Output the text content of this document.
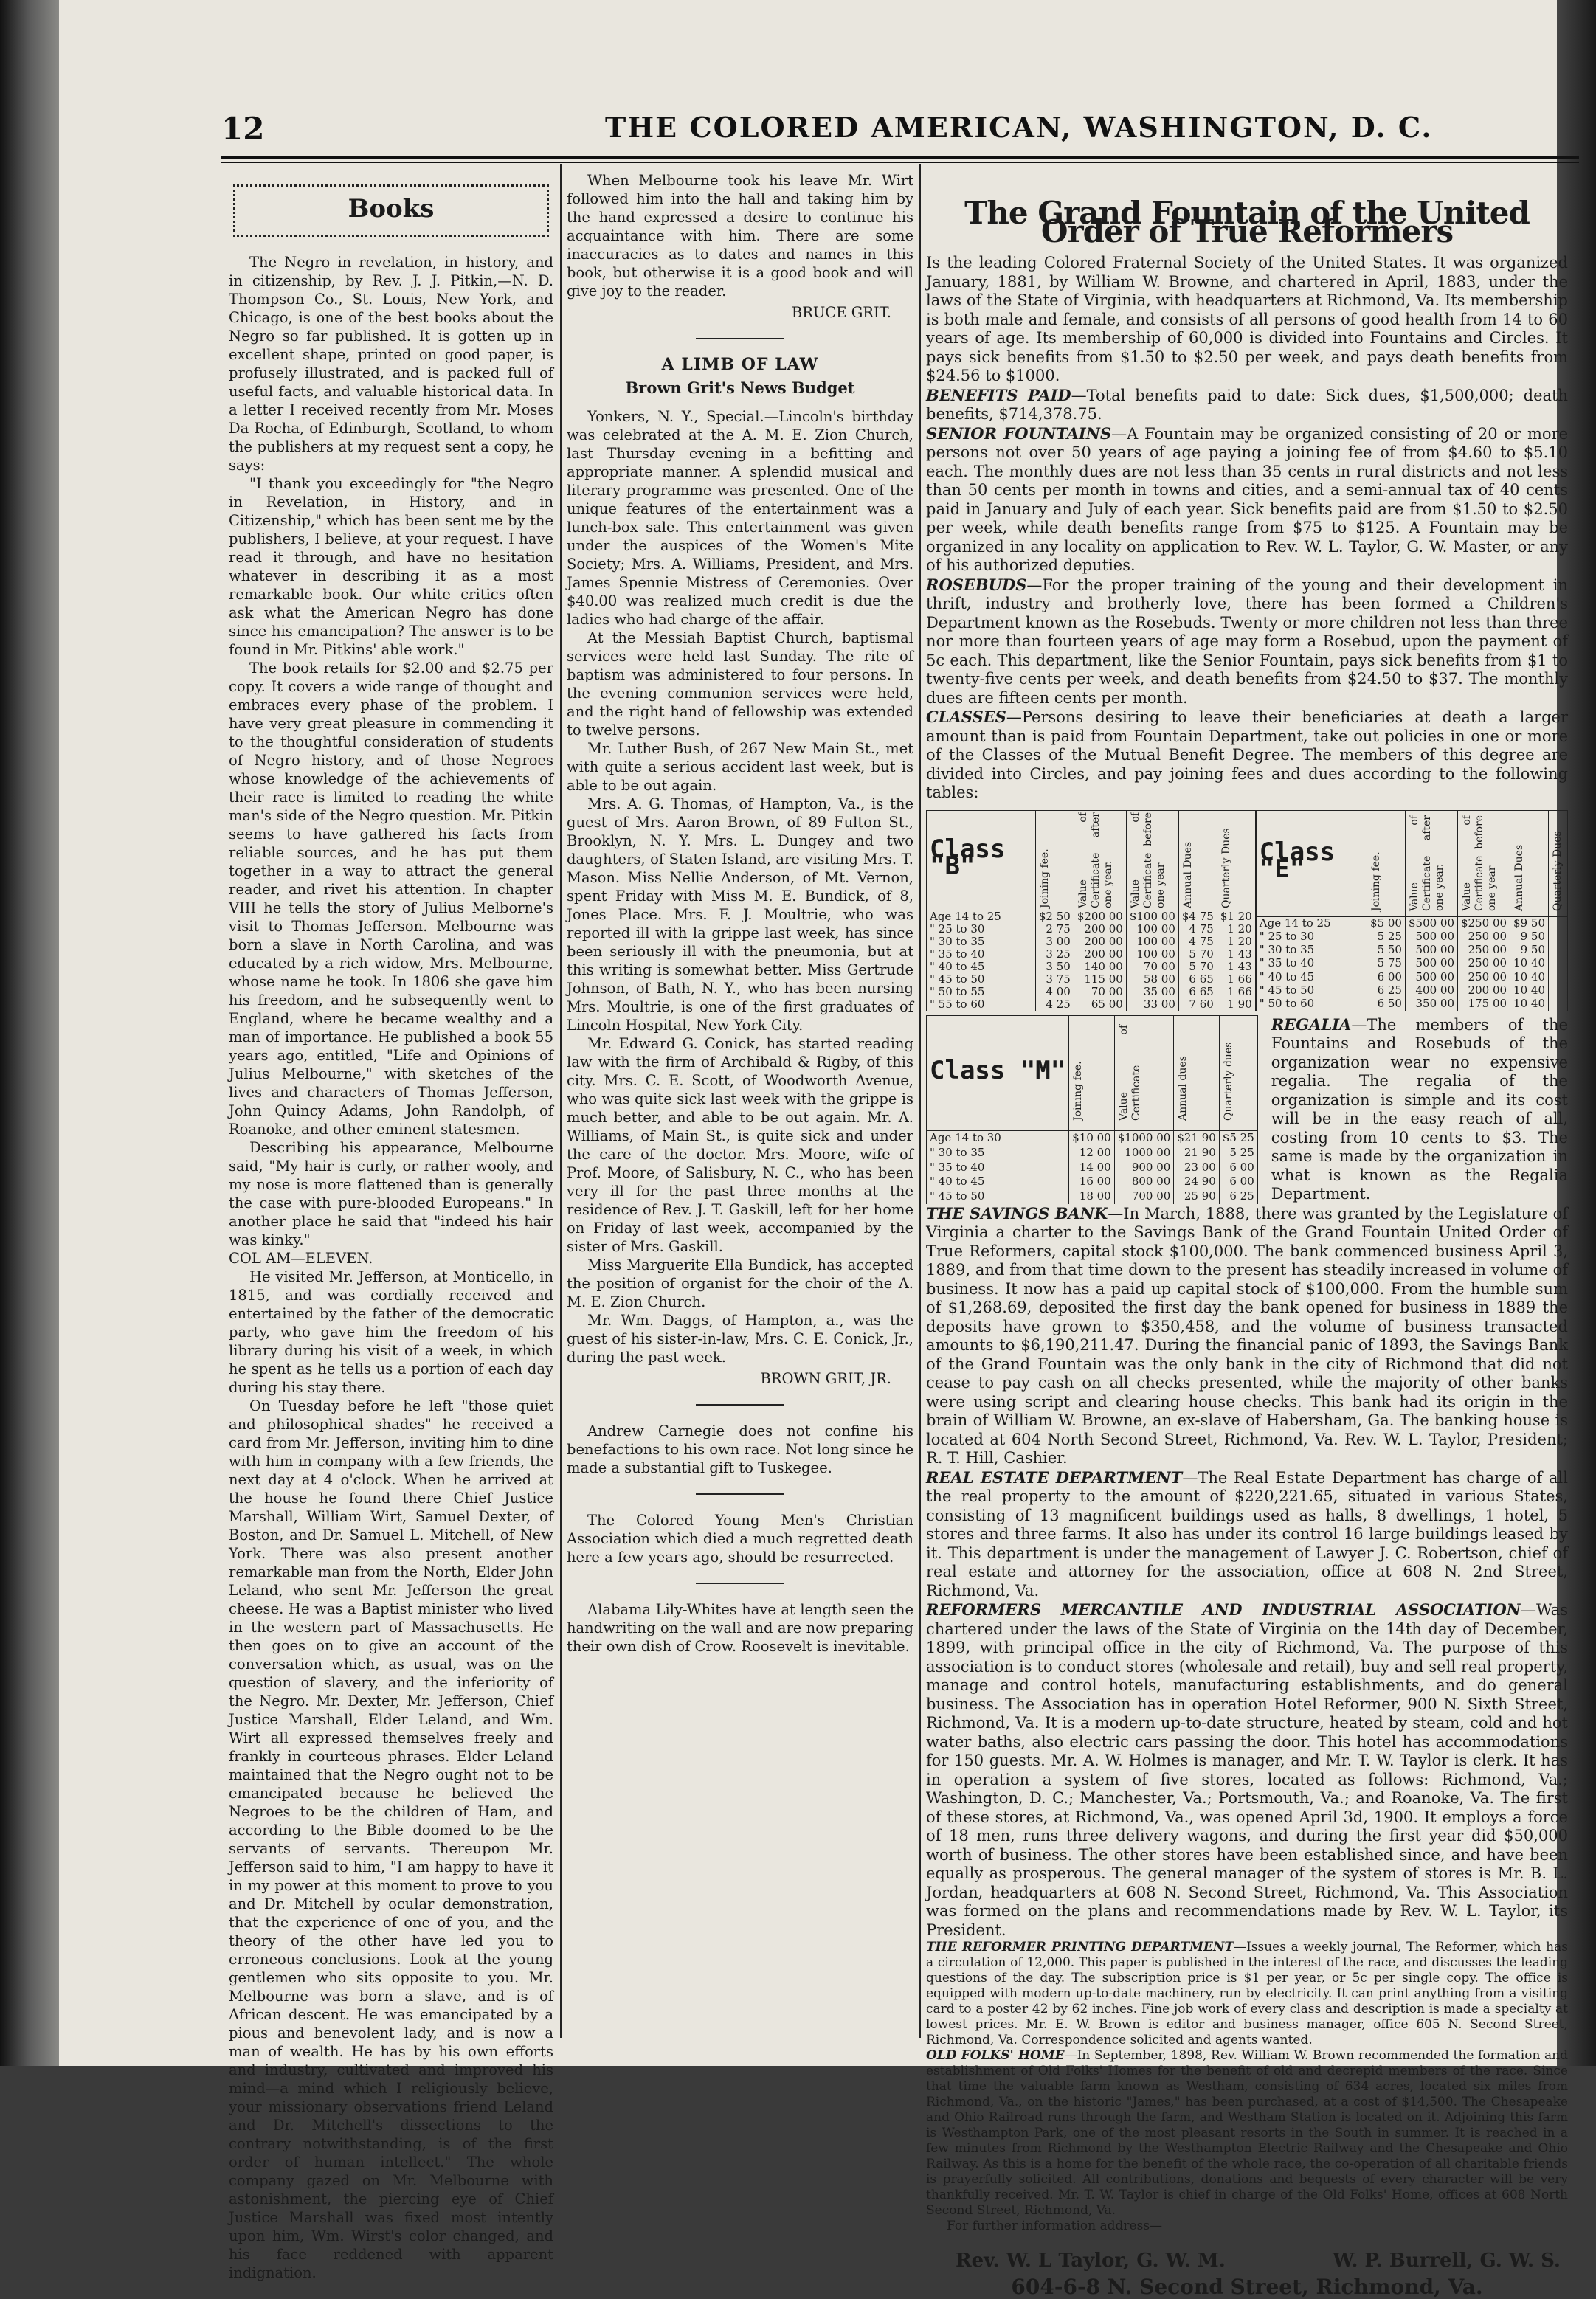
12	THE COLORED AMERICAN, WASHINGTON, D. C.
Books

The Negro in revelation, in history, and in citizenship, by Rev. J. J. Pitkin,—N. D. Thompson Co., St. Louis, New York, and Chicago, is one of the best books about the Negro so far published. It is gotten up in excellent shape, printed on good paper, is profusely illustrated, and is packed full of useful facts, and valuable historical data. In a letter I received recently from Mr. Moses Da Rocha, of Edinburgh, Scotland, to whom the publishers at my request sent a copy, he says:

"I thank you exceedingly for "the Negro in Revelation, in History, and in Citizenship," which has been sent me by the publishers, I believe, at your request. I have read it through, and have no hesitation whatever in describing it as a most remarkable book. Our white critics often ask what the American Negro has done since his emancipation? The answer is to be found in Mr. Pitkins' able work."

The book retails for $2.00 and $2.75 per copy. It covers a wide range of thought and embraces every phase of the problem. I have very great pleasure in commending it to the thoughtful consideration of students of Negro history, and of those Negroes whose knowledge of the achievements of their race is limited to reading the white man's side of the Negro question. Mr. Pitkin seems to have gathered his facts from reliable sources, and he has put them together in a way to attract the general reader, and rivet his attention. In chapter VIII he tells the story of Julius Melborne's visit to Thomas Jefferson. Melbourne was born a slave in North Carolina, and was educated by a rich widow, Mrs. Melbourne, whose name he took. In 1806 she gave him his freedom, and he subsequently went to England, where he became wealthy and a man of importance. He published a book 55 years ago, entitled, "Life and Opinions of Julius Melbourne," with sketches of the lives and characters of Thomas Jefferson, John Quincy Adams, John Randolph, of Roanoke, and other eminent statesmen.

Describing his appearance, Melbourne said, "My hair is curly, or rather wooly, and my nose is more flattened than is generally the case with pure-blooded Europeans." In another place he said that "indeed his hair was kinky."

COL AM—ELEVEN.

He visited Mr. Jefferson, at Monticello, in 1815, and was cordially received and entertained by the father of the democratic party, who gave him the freedom of his library during his visit of a week, in which he spent as he tells us a portion of each day during his stay there.

On Tuesday before he left "those quiet and philosophical shades" he received a card from Mr. Jefferson, inviting him to dine with him in company with a few friends, the next day at 4 o'clock. When he arrived at the house he found there Chief Justice Marshall, William Wirt, Samuel Dexter, of Boston, and Dr. Samuel L. Mitchell, of New York. There was also present another remarkable man from the North, Elder John Leland, who sent Mr. Jefferson the great cheese. He was a Baptist minister who lived in the western part of Massachusetts. He then goes on to give an account of the conversation which, as usual, was on the question of slavery, and the inferiority of the Negro. Mr. Dexter, Mr. Jefferson, Chief Justice Marshall, Elder Leland, and Wm. Wirt all expressed themselves freely and frankly in courteous phrases. Elder Leland maintained that the Negro ought not to be emancipated because he believed the Negroes to be the children of Ham, and according to the Bible doomed to be the servants of servants. Thereupon Mr. Jefferson said to him, "I am happy to have it in my power at this moment to prove to you and Dr. Mitchell by ocular demonstration, that the experience of one of you, and the theory of the other have led you to erroneous conclusions. Look at the young gentlemen who sits opposite to you. Mr. Melbourne was born a slave, and is of African descent. He was emancipated by a pious and benevolent lady, and is now a man of wealth. He has by his own efforts and industry, cultivated and improved his mind—a mind which I religiously believe, your missionary observations friend Leland and Dr. Mitchell's dissections to the contrary notwithstanding, is of the first order of human intellect." The whole company gazed on Mr. Melbourne with astonishment, the piercing eye of Chief Justice Marshall was fixed most intently upon him, Wm. Wirst's color changed, and his face reddened with apparent indignation.

When Melbourne took his leave Mr. Wirt followed him into the hall and taking him by the hand expressed a desire to continue his acquaintance with him. There are some inaccuracies as to dates and names in this book, but otherwise it is a good book and will give joy to the reader.

BRUCE GRIT.
A LIMB OF LAW
Brown Grit's News Budget

Yonkers, N. Y., Special.—Lincoln's birthday was celebrated at the A. M. E. Zion Church, last Thursday evening in a befitting and appropriate manner. A splendid musical and literary programme was presented. One of the unique features of the entertainment was a lunch-box sale. This entertainment was given under the auspices of the Women's Mite Society; Mrs. A. Williams, President, and Mrs. James Spennie Mistress of Ceremonies. Over $40.00 was realized much credit is due the ladies who had charge of the affair.

At the Messiah Baptist Church, baptismal services were held last Sunday. The rite of baptism was administered to four persons. In the evening communion services were held, and the right hand of fellowship was extended to twelve persons.

Mr. Luther Bush, of 267 New Main St., met with quite a serious accident last week, but is able to be out again.

Mrs. A. G. Thomas, of Hampton, Va., is the guest of Mrs. Aaron Brown, of 89 Fulton St., Brooklyn, N. Y. Mrs. L. Dungey and two daughters, of Staten Island, are visiting Mrs. T. Mason. Miss Nellie Anderson, of Mt. Vernon, spent Friday with Miss M. E. Bundick, of 8, Jones Place. Mrs. F. J. Moultrie, who was reported ill with la grippe last week, has since been seriously ill with the pneumonia, but at this writing is somewhat better. Miss Gertrude Johnson, of Bath, N. Y., who has been nursing Mrs. Moultrie, is one of the first graduates of Lincoln Hospital, New York City.

Mr. Edward G. Conick, has started reading law with the firm of Archibald & Rigby, of this city. Mrs. C. E. Scott, of Woodworth Avenue, who was quite sick last week with the grippe is much better, and able to be out again. Mr. A. Williams, of Main St., is quite sick and under the care of the doctor. Mrs. Moore, wife of Prof. Moore, of Salisbury, N. C., who has been very ill for the past three months at the residence of Rev. J. T. Gaskill, left for her home on Friday of last week, accompanied by the sister of Mrs. Gaskill.

Miss Marguerite Ella Bundick, has accepted the position of organist for the choir of the A. M. E. Zion Church.

Mr. Wm. Daggs, of Hampton, a., was the guest of his sister-in-law, Mrs. C. E. Conick, Jr., during the past week.

BROWN GRIT, JR.

Andrew Carnegie does not confine his benefactions to his own race. Not long since he made a substantial gift to Tuskegee.

The Colored Young Men's Christian Association which died a much regretted death here a few years ago, should be resurrected.

Alabama Lily-Whites have at length seen the handwriting on the wall and are now preparing their own dish of Crow. Roosevelt is inevitable.

The Grand Fountain of the United Order of True Reformers

Is the leading Colored Fraternal Society of the United States. It was organized January, 1881, by William W. Browne, and chartered in April, 1883, under the laws of the State of Virginia, with headquarters at Richmond, Va. Its membership is both male and female, and consists of all persons of good health from 14 to 60 years of age. Its membership of 60,000 is divided into Fountains and Circles. It pays sick benefits from $1.50 to $2.50 per week, and pays death benefits from $24.56 to $1000.

BENEFITS PAID—Total benefits paid to date: Sick dues, $1,500,000; death benefits, $714,378.75.

SENIOR FOUNTAINS—A Fountain may be organized consisting of 20 or more persons not over 50 years of age paying a joining fee of from $4.60 to $5.10 each. The monthly dues are not less than 35 cents in rural districts and not less than 50 cents per month in towns and cities, and a semi-annual tax of 40 cents paid in January and July of each year. Sick benefits paid are from $1.50 to $2.50 per week, while death benefits range from $75 to $125. A Fountain may be organized in any locality on application to Rev. W. L. Taylor, G. W. Master, or any of his authorized deputies.

ROSEBUDS—For the proper training of the young and their development in thrift, industry and brotherly love, there has been formed a Children's Department known as the Rosebuds. Twenty or more children not less than three nor more than fourteen years of age may form a Rosebud, upon the payment of 5c each. This department, like the Senior Fountain, pays sick benefits from $1 to twenty-five cents per week, and death benefits from $24.50 to $37. The monthly dues are fifteen cents per month.

CLASSES—Persons desiring to leave their beneficiaries at death a larger amount than is paid from Fountain Department, take out policies in one or more of the Classes of the Mutual Benefit Degree. The members of this degree are divided into Circles, and pay joining fees and dues according to the following tables:

Class "B"	Joining fee.	Value of Certificate after one year.	Value of Certificate before one year	Annual Dues	Quarterly Dues

Age 14 to 25	$2 50	$200 00	$100 00	$4 75	$1 20
" 25 to 30	2 75	200 00	100 00	4 75	1 20
" 30 to 35	3 00	200 00	100 00	4 75	1 20
" 35 to 40	3 25	200 00	100 00	5 70	1 43
" 40 to 45	3 50	140 00	70 00	5 70	1 43
" 45 to 50	3 75	115 00	58 00	6 65	1 66
" 50 to 55	4 00	70 00	35 00	6 65	1 66
" 55 to 60	4 25	65 00	33 00	7 60	1 90
Class "E"	Joining fee.	Value of Certificate after one year.	Value of Certificate before one year	Annual Dues	Quarterly Dues

Age 14 to 25	$5 00	$500 00	$250 00	$9 50	
" 25 to 30	5 25	500 00	250 00	9 50	
" 30 to 35	5 50	500 00	250 00	9 50	
" 35 to 40	5 75	500 00	250 00	10 40	
" 40 to 45	6 00	500 00	250 00	10 40	
" 45 to 50	6 25	400 00	200 00	10 40	
" 50 to 60	6 50	350 00	175 00	10 40	
Class "M"	Joining fee.	Value of Certificate	Annual dues	Quarterly dues

Age 14 to 30	$10 00	$1000 00	$21 90	$5 25
" 30 to 35	12 00	1000 00	21 90	5 25
" 35 to 40	14 00	900 00	23 00	6 00
" 40 to 45	16 00	800 00	24 90	6 00
" 45 to 50	18 00	700 00	25 90	6 25

REGALIA—The members of the Fountains and Rosebuds of the organization wear no expensive regalia. The regalia of the organization is simple and its cost will be in the easy reach of all, costing from 10 cents to $3. The same is made by the organization in what is known as the Regalia Department.

THE SAVINGS BANK—In March, 1888, there was granted by the Legislature of Virginia a charter to the Savings Bank of the Grand Fountain United Order of True Reformers, capital stock $100,000. The bank commenced business April 3, 1889, and from that time down to the present has steadily increased in volume of business. It now has a paid up capital stock of $100,000. From the humble sum of $1,268.69, deposited the first day the bank opened for business in 1889 the deposits have grown to $350,458, and the volume of business transacted amounts to $6,190,211.47. During the financial panic of 1893, the Savings Bank of the Grand Fountain was the only bank in the city of Richmond that did not cease to pay cash on all checks presented, while the majority of other banks were using script and clearing house checks. This bank had its origin in the brain of William W. Browne, an ex-slave of Habersham, Ga. The banking house is located at 604 North Second Street, Richmond, Va. Rev. W. L. Taylor, President; R. T. Hill, Cashier.

REAL ESTATE DEPARTMENT—The Real Estate Department has charge of all the real property to the amount of $220,221.65, situated in various States, consisting of 13 magnificent buildings used as halls, 8 dwellings, 1 hotel, 5 stores and three farms. It also has under its control 16 large buildings leased by it. This department is under the management of Lawyer J. C. Robertson, chief of real estate and attorney for the association, office at 608 N. 2nd Street, Richmond, Va.

REFORMERS MERCANTILE AND INDUSTRIAL ASSOCIATION—Was chartered under the laws of the State of Virginia on the 14th day of December, 1899, with principal office in the city of Richmond, Va. The purpose of this association is to conduct stores (wholesale and retail), buy and sell real property, manage and control hotels, manufacturing establishments, and do general business. The Association has in operation Hotel Reformer, 900 N. Sixth Street, Richmond, Va. It is a modern up-to-date structure, heated by steam, cold and hot water baths, also electric cars passing the door. This hotel has accommodations for 150 guests. Mr. A. W. Holmes is manager, and Mr. T. W. Taylor is clerk. It has in operation a system of five stores, located as follows: Richmond, Va.; Washington, D. C.; Manchester, Va.; Portsmouth, Va.; and Roanoke, Va. The first of these stores, at Richmond, Va., was opened April 3d, 1900. It employs a force of 18 men, runs three delivery wagons, and during the first year did $50,000 worth of business. The other stores have been established since, and have been equally as prosperous. The general manager of the system of stores is Mr. B. L. Jordan, headquarters at 608 N. Second Street, Richmond, Va. This Association was formed on the plans and recommendations made by Rev. W. L. Taylor, its President.

THE REFORMER PRINTING DEPARTMENT—Issues a weekly journal, The Reformer, which has a circulation of 12,000. This paper is published in the interest of the race, and discusses the leading questions of the day. The subscription price is $1 per year, or 5c per single copy. The office is equipped with modern up-to-date machinery, run by electricity. It can print anything from a visiting card to a poster 42 by 62 inches. Fine job work of every class and description is made a specialty at lowest prices. Mr. E. W. Brown is editor and business manager, office 605 N. Second Street, Richmond, Va. Correspondence solicited and agents wanted.

OLD FOLKS' HOME—In September, 1898, Rev. William W. Brown recommended the formation and establishment of Old Folks' Homes for the benefit of old and decrepid members of the race. Since that time the valuable farm known as Westham, consisting of 634 acres, located six miles from Richmond, Va., on the historic "James," has been purchased, at a cost of $14,500. The Chesapeake and Ohio Railroad runs through the farm, and Westham Station is located on it. Adjoining this farm is Westhampton Park, one of the most pleasant resorts in the South in summer. It is reached in a few minutes from Richmond by the Westhampton Electric Railway and the Chesapeake and Ohio Railway. As this is a home for the benefit of the whole race, the co-operation of all charitable friends is prayerfully solicited. All contributions, donations and bequests of every character will be very thankfully received. Mr. T. W. Taylor is chief in charge of the Old Folks' Home, offices at 608 North Second Street, Richmond, Va.

For further information address—

Rev. W. L Taylor, G. W. M.	W. P. Burrell, G. W. S.
604-6-8 N. Second Street, Richmond, Va.
